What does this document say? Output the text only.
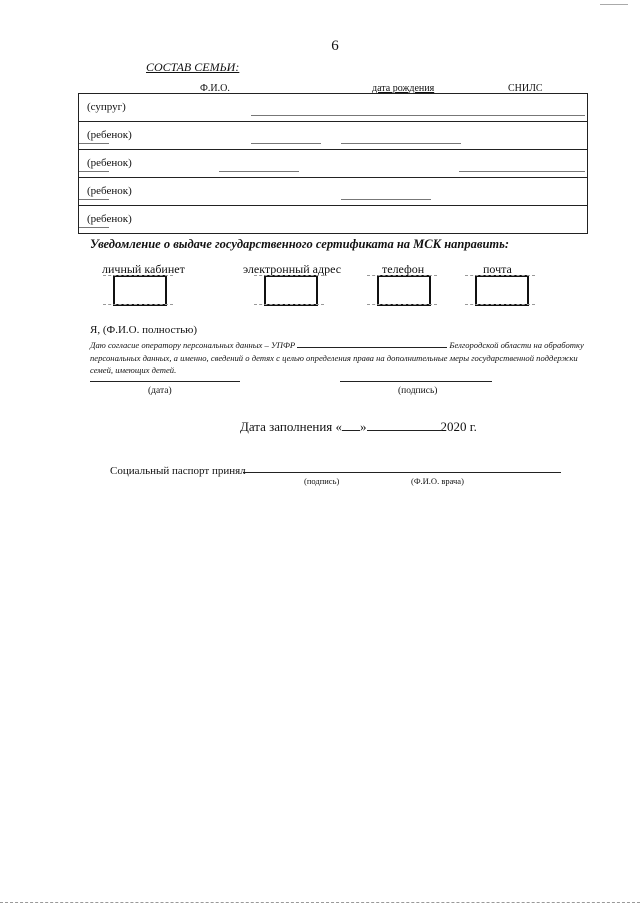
6
СОСТАВ СЕМЬИ:
Ф.И.О.	дата рождения	СНИЛС
(супруг)
(ребенок)
(ребенок)
(ребенок)
(ребенок)
Уведомление о выдаче государственного сертификата на МСК направить:
личный кабинет	электронный адрес	телефон	почта
Я, (Ф.И.О. полностью)
Даю согласие оператору персональных данных – УПФР	Белгородской области на обработку персональных данных, а именно, сведений о детях с целью определения права на дополнительные меры государственной поддержки семей, имеющих детей.
(дата)	(подпись)
Дата заполнения « »	2020 г.
Социальный паспорт принял
(подпись)	(Ф.И.О. врача)
